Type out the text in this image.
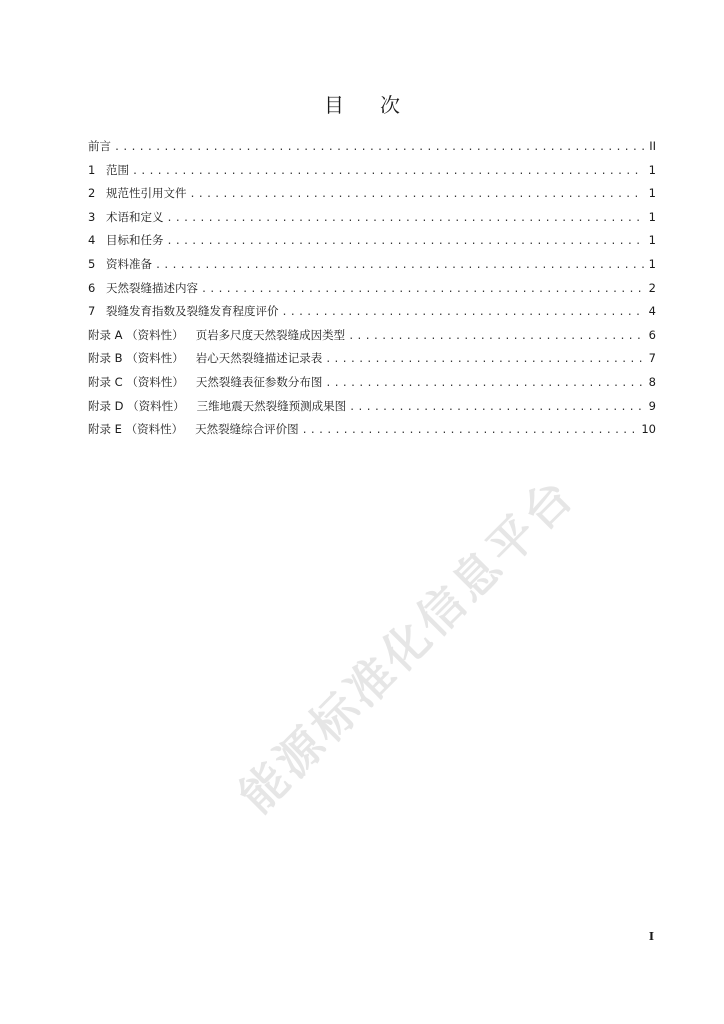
目 次
前言 .....	II
1 范围 .....	1
2 规范性引用文件 .....	1
3 术语和定义 .....	1
4 目标和任务 .....	1
5 资料准备 .....	1
6 天然裂缝描述内容 .....	2
7 裂缝发育指数及裂缝发育程度评价 .....	4
附录 A （资料性） 页岩多尺度天然裂缝成因类型 .....	6
附录 B （资料性） 岩心天然裂缝描述记录表 .....	7
附录 C （资料性） 天然裂缝表征参数分布图 .....	8
附录 D （资料性） 三维地震天然裂缝预测成果图 .....	9
附录 E （资料性） 天然裂缝综合评价图 .....	10
能源标准化信息平台
I
